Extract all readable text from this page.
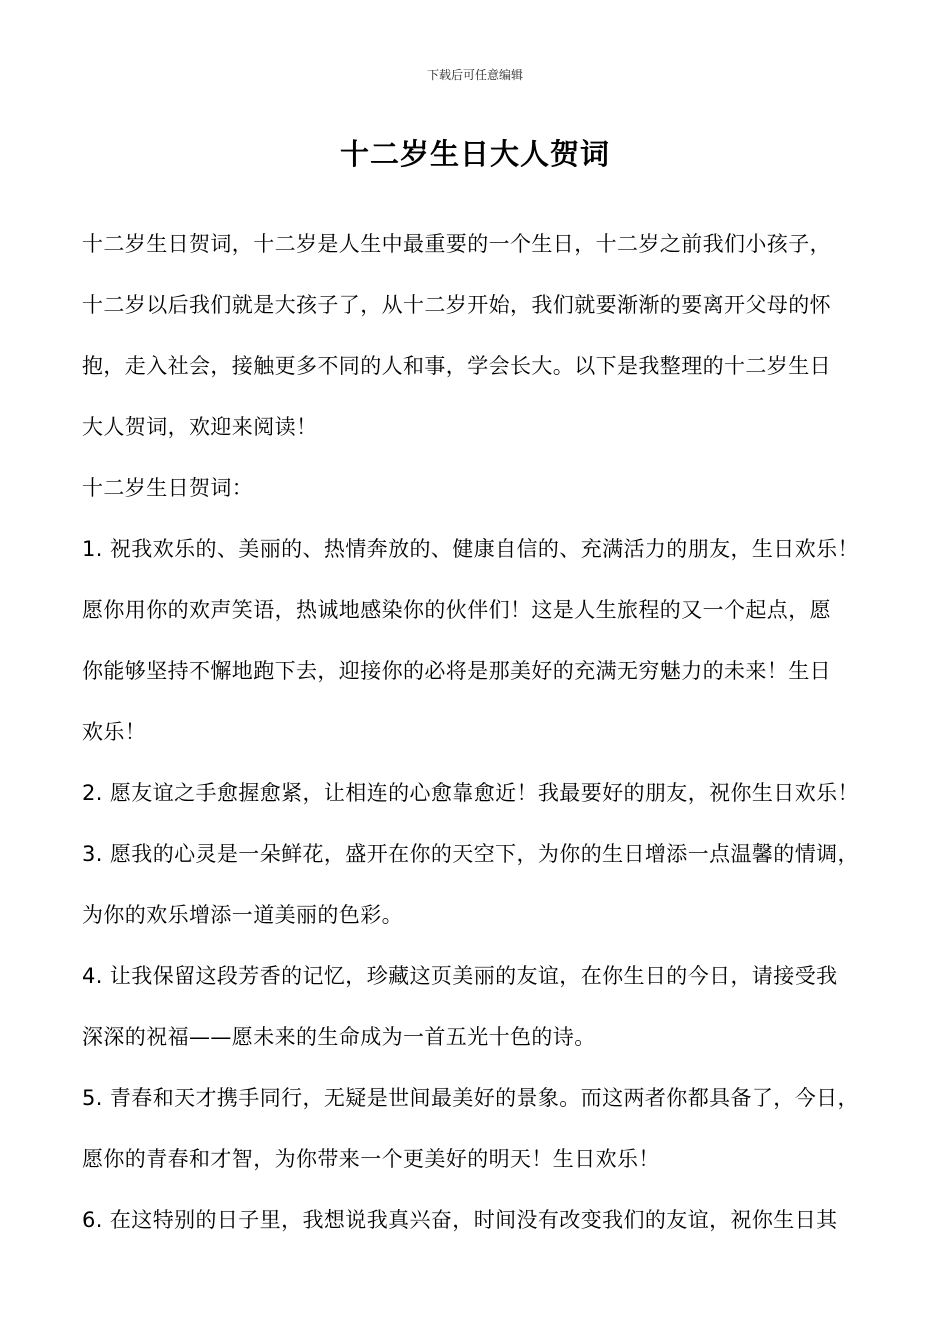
下载后可任意编辑
十二岁生日大人贺词

十二岁生日贺词，十二岁是人生中最重要的一个生日，十二岁之前我们小孩子，
十二岁以后我们就是大孩子了，从十二岁开始，我们就要渐渐的要离开父母的怀
抱，走入社会，接触更多不同的人和事，学会长大。以下是我整理的十二岁生日
大人贺词，欢迎来阅读！

十二岁生日贺词：

1. 祝我欢乐的、美丽的、热情奔放的、健康自信的、充满活力的朋友，生日欢乐！
愿你用你的欢声笑语，热诚地感染你的伙伴们！这是人生旅程的又一个起点，愿
你能够坚持不懈地跑下去，迎接你的必将是那美好的充满无穷魅力的未来！生日
欢乐！

2. 愿友谊之手愈握愈紧，让相连的心愈靠愈近！我最要好的朋友，祝你生日欢乐！

3. 愿我的心灵是一朵鲜花，盛开在你的天空下，为你的生日增添一点温馨的情调，
为你的欢乐增添一道美丽的色彩。

4. 让我保留这段芳香的记忆，珍藏这页美丽的友谊，在你生日的今日，请接受我
深深的祝福——愿未来的生命成为一首五光十色的诗。

5. 青春和天才携手同行，无疑是世间最美好的景象。而这两者你都具备了，今日，
愿你的青春和才智，为你带来一个更美好的明天！生日欢乐！

6. 在这特别的日子里，我想说我真兴奋，时间没有改变我们的友谊，祝你生日其
